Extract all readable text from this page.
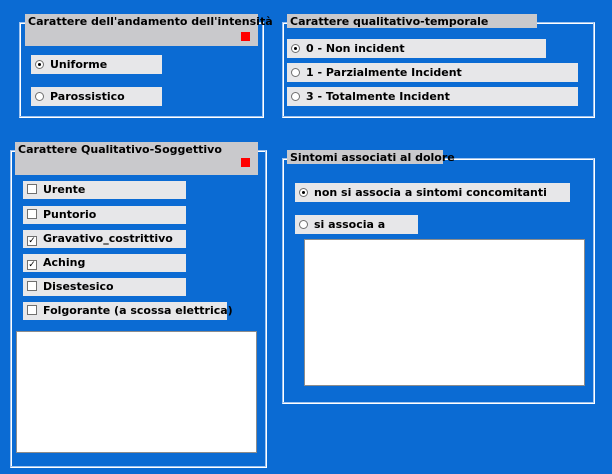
Carattere dell'andamento dell'intensità
Uniforme
Parossistico
Carattere qualitativo-temporale
0 - Non incident
1 - Parzialmente Incident
3 - Totalmente Incident
Carattere Qualitativo-Soggettivo
Urente
Puntorio
✓ Gravativo_costrittivo
✓ Aching
Disestesico
Folgorante (a scossa elettrica)
Sintomi associati al dolore
non si associa a sintomi concomitanti
si associa a
